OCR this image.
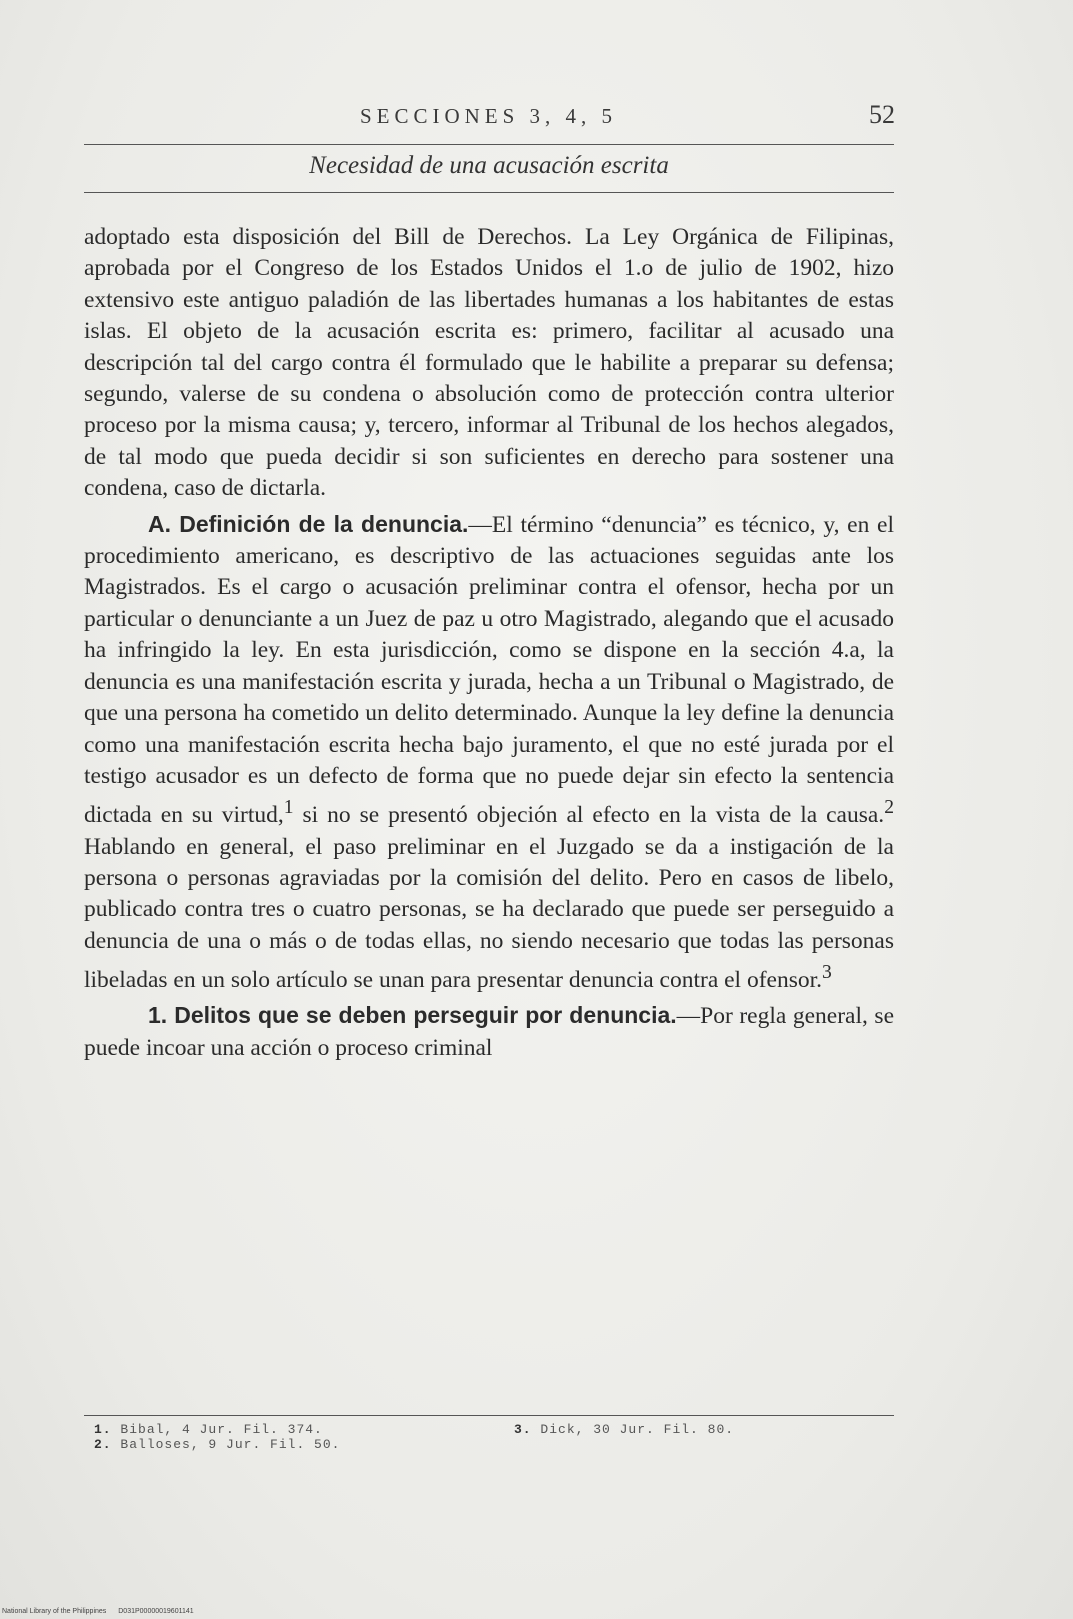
SECCIONES 3, 4, 5	52
Necesidad de una acusación escrita

adoptado esta disposición del Bill de Derechos. La Ley Orgánica de Filipinas, aprobada por el Congreso de los Estados Unidos el 1.o de julio de 1902, hizo extensivo este antiguo paladión de las libertades humanas a los habitantes de estas islas. El objeto de la acusación escrita es: primero, facilitar al acusado una descripción tal del cargo contra él formulado que le habilite a preparar su defensa; segundo, valerse de su condena o absolución como de protección contra ulterior proceso por la misma causa; y, tercero, informar al Tribunal de los hechos alegados, de tal modo que pueda decidir si son suficientes en derecho para sostener una condena, caso de dictarla.

A. Definición de la denuncia.—El término “denuncia” es técnico, y, en el procedimiento americano, es descriptivo de las actuaciones seguidas ante los Magistrados. Es el cargo o acusación preliminar contra el ofensor, hecha por un particular o denunciante a un Juez de paz u otro Magistrado, alegando que el acusado ha infringido la ley. En esta jurisdicción, como se dispone en la sección 4.a, la denuncia es una manifestación escrita y jurada, hecha a un Tribunal o Magistrado, de que una persona ha cometido un delito determinado. Aunque la ley define la denuncia como una manifestación escrita hecha bajo juramento, el que no esté jurada por el testigo acusador es un defecto de forma que no puede dejar sin efecto la sentencia dictada en su virtud,$^1$ si no se presentó objeción al efecto en la vista de la causa.$^2$ Hablando en general, el paso preliminar en el Juzgado se da a instigación de la persona o personas agraviadas por la comisión del delito. Pero en casos de libelo, publicado contra tres o cuatro personas, se ha declarado que puede ser perseguido a denuncia de una o más o de todas ellas, no siendo necesario que todas las personas libeladas en un solo artículo se unan para presentar denuncia contra el ofensor.$^3$

1. Delitos que se deben perseguir por denuncia.—Por regla general, se puede incoar una acción o proceso criminal

1. Bibal, 4 Jur. Fil. 374.
2. Balloses, 9 Jur. Fil. 50.
3. Dick, 30 Jur. Fil. 80.
National Library of the Philippines D031P00000019601141
